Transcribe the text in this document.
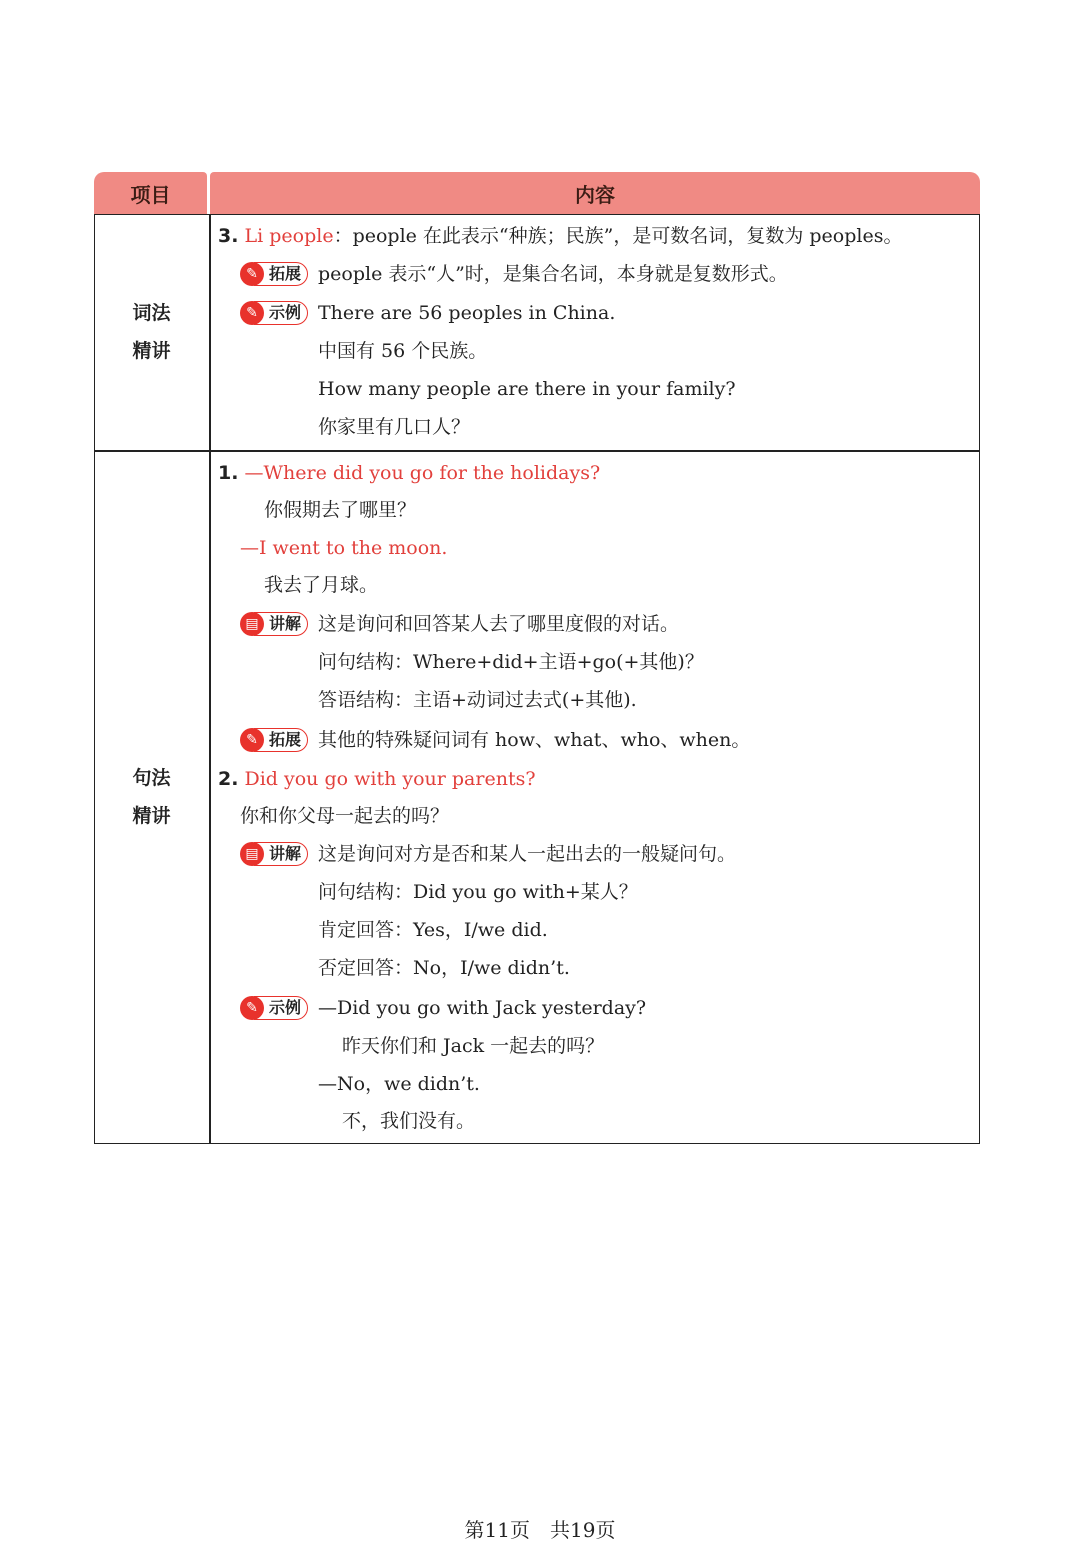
项目	内容
词法
精讲
句法
精讲
3. Li people：people 在此表示“种族；民族”，是可数名词，复数为 peoples。
✎ 拓展 people 表示“人”时，是集合名词，本身就是复数形式。
✎ 示例 There are 56 peoples in China.
中国有 56 个民族。
How many people are there in your family?
你家里有几口人？
1. —Where did you go for the holidays?
你假期去了哪里？
—I went to the moon.
我去了月球。
▤ 讲解 这是询问和回答某人去了哪里度假的对话。
问句结构：Where+did+主语+go(+其他)？
答语结构：主语+动词过去式(+其他).
✎ 拓展 其他的特殊疑问词有 how、what、who、when。
2. Did you go with your parents?
你和你父母一起去的吗？
▤ 讲解 这是询问对方是否和某人一起出去的一般疑问句。
问句结构：Did you go with+某人？
肯定回答：Yes，I/we did.
否定回答：No，I/we didn’t.
✎ 示例 —Did you go with Jack yesterday?
昨天你们和 Jack 一起去的吗？
—No，we didn’t.
不，我们没有。
第11页　共19页
